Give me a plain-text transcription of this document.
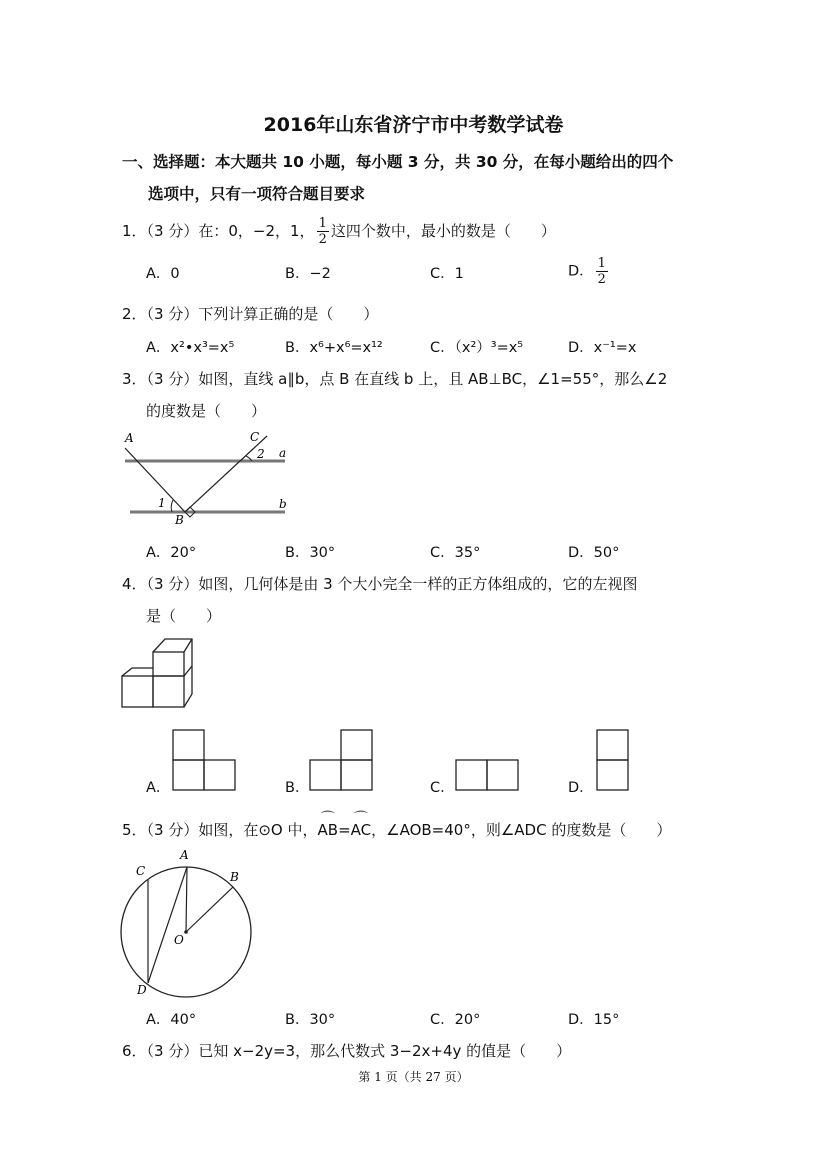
2016年山东省济宁市中考数学试卷
一、选择题：本大题共 10 小题，每小题 3 分，共 30 分，在每小题给出的四个
选项中，只有一项符合题目要求
1．（3 分）在：0，−2，1， $\frac{1}{2}$ 这四个数中，最小的数是（　　）
A．0	B．−2	C．1	D． $\frac{1}{2}$
2．（3 分）下列计算正确的是（　　）
A．x²•x³=x⁵	B．x⁶+x⁶=x¹²	C．（x²）³=x⁵	D．x⁻¹=x
3．（3 分）如图，直线 a∥b，点 B 在直线 b 上，且 AB⊥BC，∠1=55°，那么∠2
的度数是（　　）
A	C
a
b
B
1
2
A．20°	B．30°	C．35°	D．50°
4．（3 分）如图，几何体是由 3 个大小完全一样的正方体组成的，它的左视图
是（　　）
A．	B．	C．	D．
5．（3 分）如图，在⊙O 中，⌒ AB=⌒ AC，∠AOB=40°，则∠ADC 的度数是（　　）
A
B
C
D
O
A．40°	B．30°	C．20°	D．15°
6．（3 分）已知 x−2y=3，那么代数式 3−2x+4y 的值是（　　）
第 1 页（共 27 页）
